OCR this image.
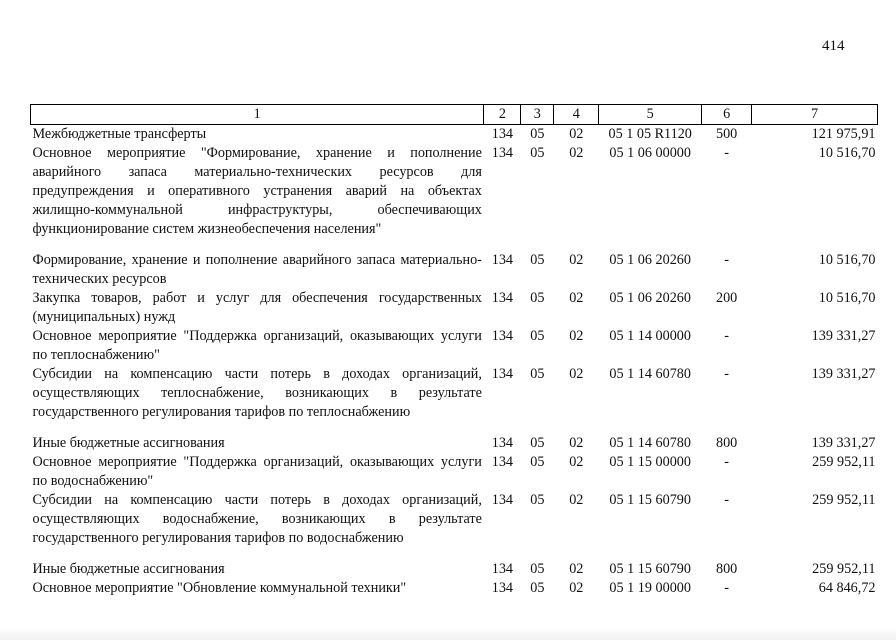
414
1	2	3	4	5	6	7
Межбюджетные трансферты	134	05	02	05 1 05 R1120	500	121 975,91
Основное мероприятие "Формирование, хранение и пополнение аварийного запаса материально-технических ресурсов для предупреждения и оперативного устранения аварий на объектах жилищно-коммунальной инфраструктуры, обеспечивающих функционирование систем жизнеобеспечения населения"	134	05	02	05 1 06 00000	-	10 516,70
Формирование, хранение и пополнение аварийного запаса материально-технических ресурсов	134	05	02	05 1 06 20260	-	10 516,70
Закупка товаров, работ и услуг для обеспечения государственных (муниципальных) нужд	134	05	02	05 1 06 20260	200	10 516,70
Основное мероприятие "Поддержка организаций, оказывающих услуги по теплоснабжению"	134	05	02	05 1 14 00000	-	139 331,27
Субсидии на компенсацию части потерь в доходах организаций, осуществляющих теплоснабжение, возникающих в результате государственного регулирования тарифов по теплоснабжению	134	05	02	05 1 14 60780	-	139 331,27
Иные бюджетные ассигнования	134	05	02	05 1 14 60780	800	139 331,27
Основное мероприятие "Поддержка организаций, оказывающих услуги по водоснабжению"	134	05	02	05 1 15 00000	-	259 952,11
Субсидии на компенсацию части потерь в доходах организаций, осуществляющих водоснабжение, возникающих в результате государственного регулирования тарифов по водоснабжению	134	05	02	05 1 15 60790	-	259 952,11
Иные бюджетные ассигнования	134	05	02	05 1 15 60790	800	259 952,11
Основное мероприятие "Обновление коммунальной техники"	134	05	02	05 1 19 00000	-	64 846,72
